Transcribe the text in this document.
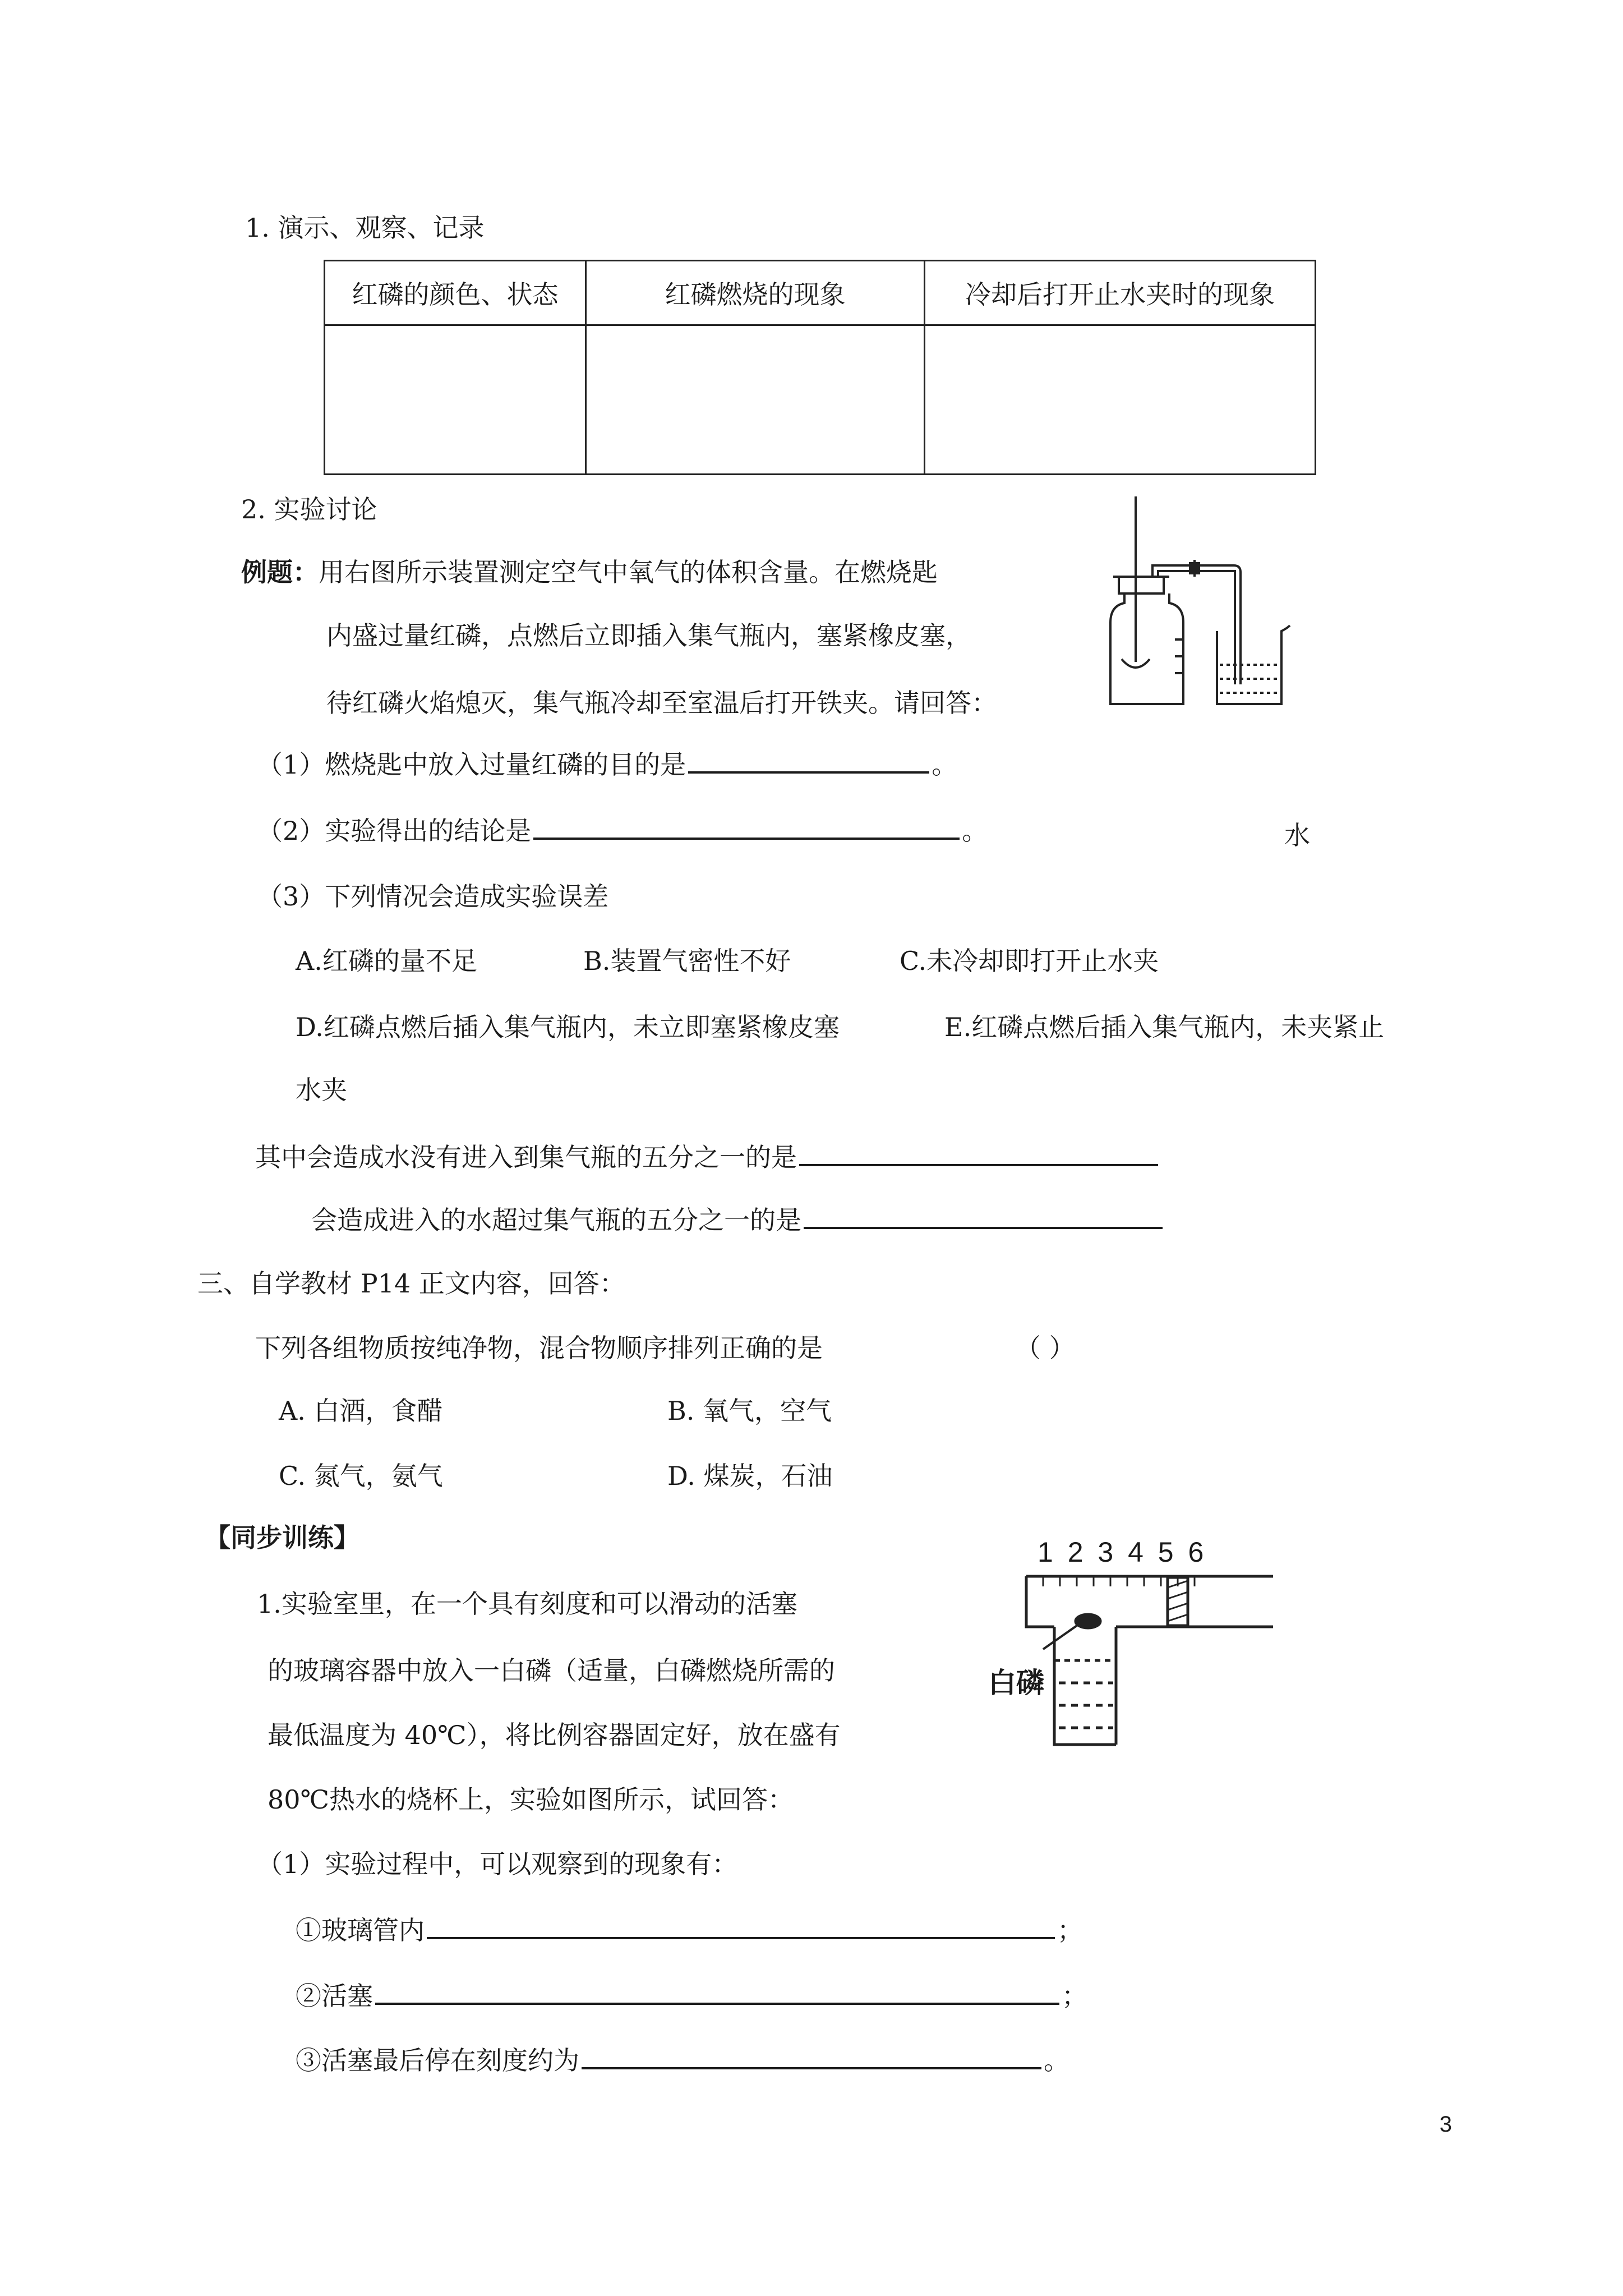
1. 演示、观察、记录
红磷的颜色、状态	红磷燃烧的现象	冷却后打开止水夹时的现象

2. 实验讨论
例题：用右图所示装置测定空气中氧气的体积含量。在燃烧匙
内盛过量红磷，点燃后立即插入集气瓶内，塞紧橡皮塞，
待红磷火焰熄灭，集气瓶冷却至室温后打开铁夹。请回答：
（1）燃烧匙中放入过量红磷的目的是	。
（2）实验得出的结论是	。	水
（3）下列情况会造成实验误差
A.红磷的量不足	B.装置气密性不好	C.未冷却即打开止水夹
D.红磷点燃后插入集气瓶内，未立即塞紧橡皮塞	E.红磷点燃后插入集气瓶内，未夹紧止
水夹
其中会造成水没有进入到集气瓶的五分之一的是
会造成进入的水超过集气瓶的五分之一的是
三、自学教材 P14 正文内容，回答：
下列各组物质按纯净物，混合物顺序排列正确的是	（ ）
A. 白酒，食醋	B. 氧气，空气
C. 氮气，氨气	D. 煤炭，石油
【同步训练】
1.实验室里，在一个具有刻度和可以滑动的活塞
的玻璃容器中放入一白磷（适量，白磷燃烧所需的
最低温度为 40℃），将比例容器固定好，放在盛有
80℃热水的烧杯上，实验如图所示，试回答：
1 2 3 4 5 6
白磷
（1）实验过程中，可以观察到的现象有：
①玻璃管内	；
②活塞	；
③活塞最后停在刻度约为	。
3
